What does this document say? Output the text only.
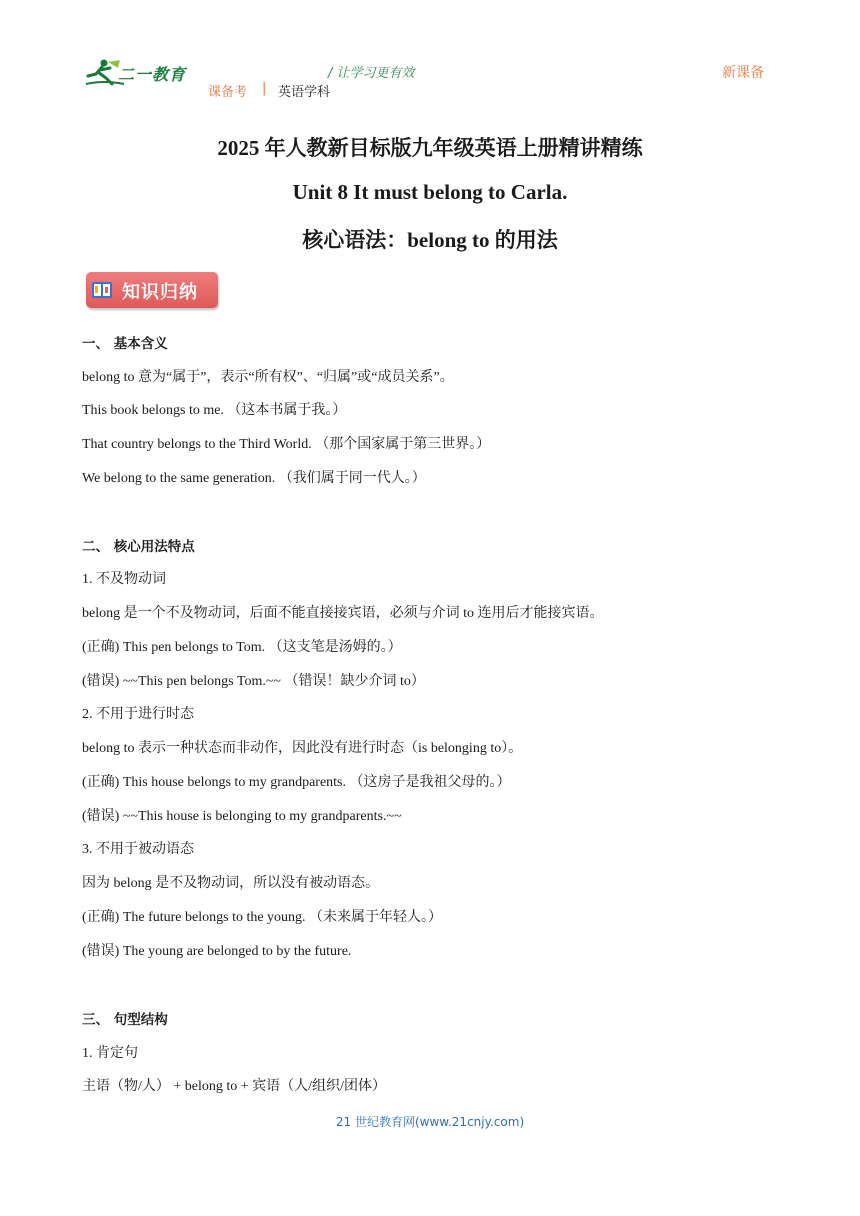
二一教育	/ 让学习更有效
课备考 | 英语学科
新课备
2025 年人教新目标版九年级英语上册精讲精练
Unit 8 It must belong to Carla.
核心语法：belong to 的用法
知识归纳
一、 基本含义
belong to 意为“属于”，表示“所有权”、“归属”或“成员关系”。
This book belongs to me. （这本书属于我。）
That country belongs to the Third World. （那个国家属于第三世界。）
We belong to the same generation. （我们属于同一代人。）
二、 核心用法特点
1. 不及物动词
belong 是一个不及物动词，后面不能直接接宾语，必须与介词 to 连用后才能接宾语。
(正确) This pen belongs to Tom. （这支笔是汤姆的。）
(错误) ~~This pen belongs Tom.~~ （错误！缺少介词 to）
2. 不用于进行时态
belong to 表示一种状态而非动作，因此没有进行时态（is belonging to）。
(正确) This house belongs to my grandparents. （这房子是我祖父母的。）
(错误) ~~This house is belonging to my grandparents.~~
3. 不用于被动语态
因为 belong 是不及物动词，所以没有被动语态。
(正确) The future belongs to the young. （未来属于年轻人。）
(错误) The young are belonged to by the future.
三、 句型结构
1. 肯定句
主语（物/人） + belong to + 宾语（人/组织/团体）
21 世纪教育网(www.21cnjy.com)
